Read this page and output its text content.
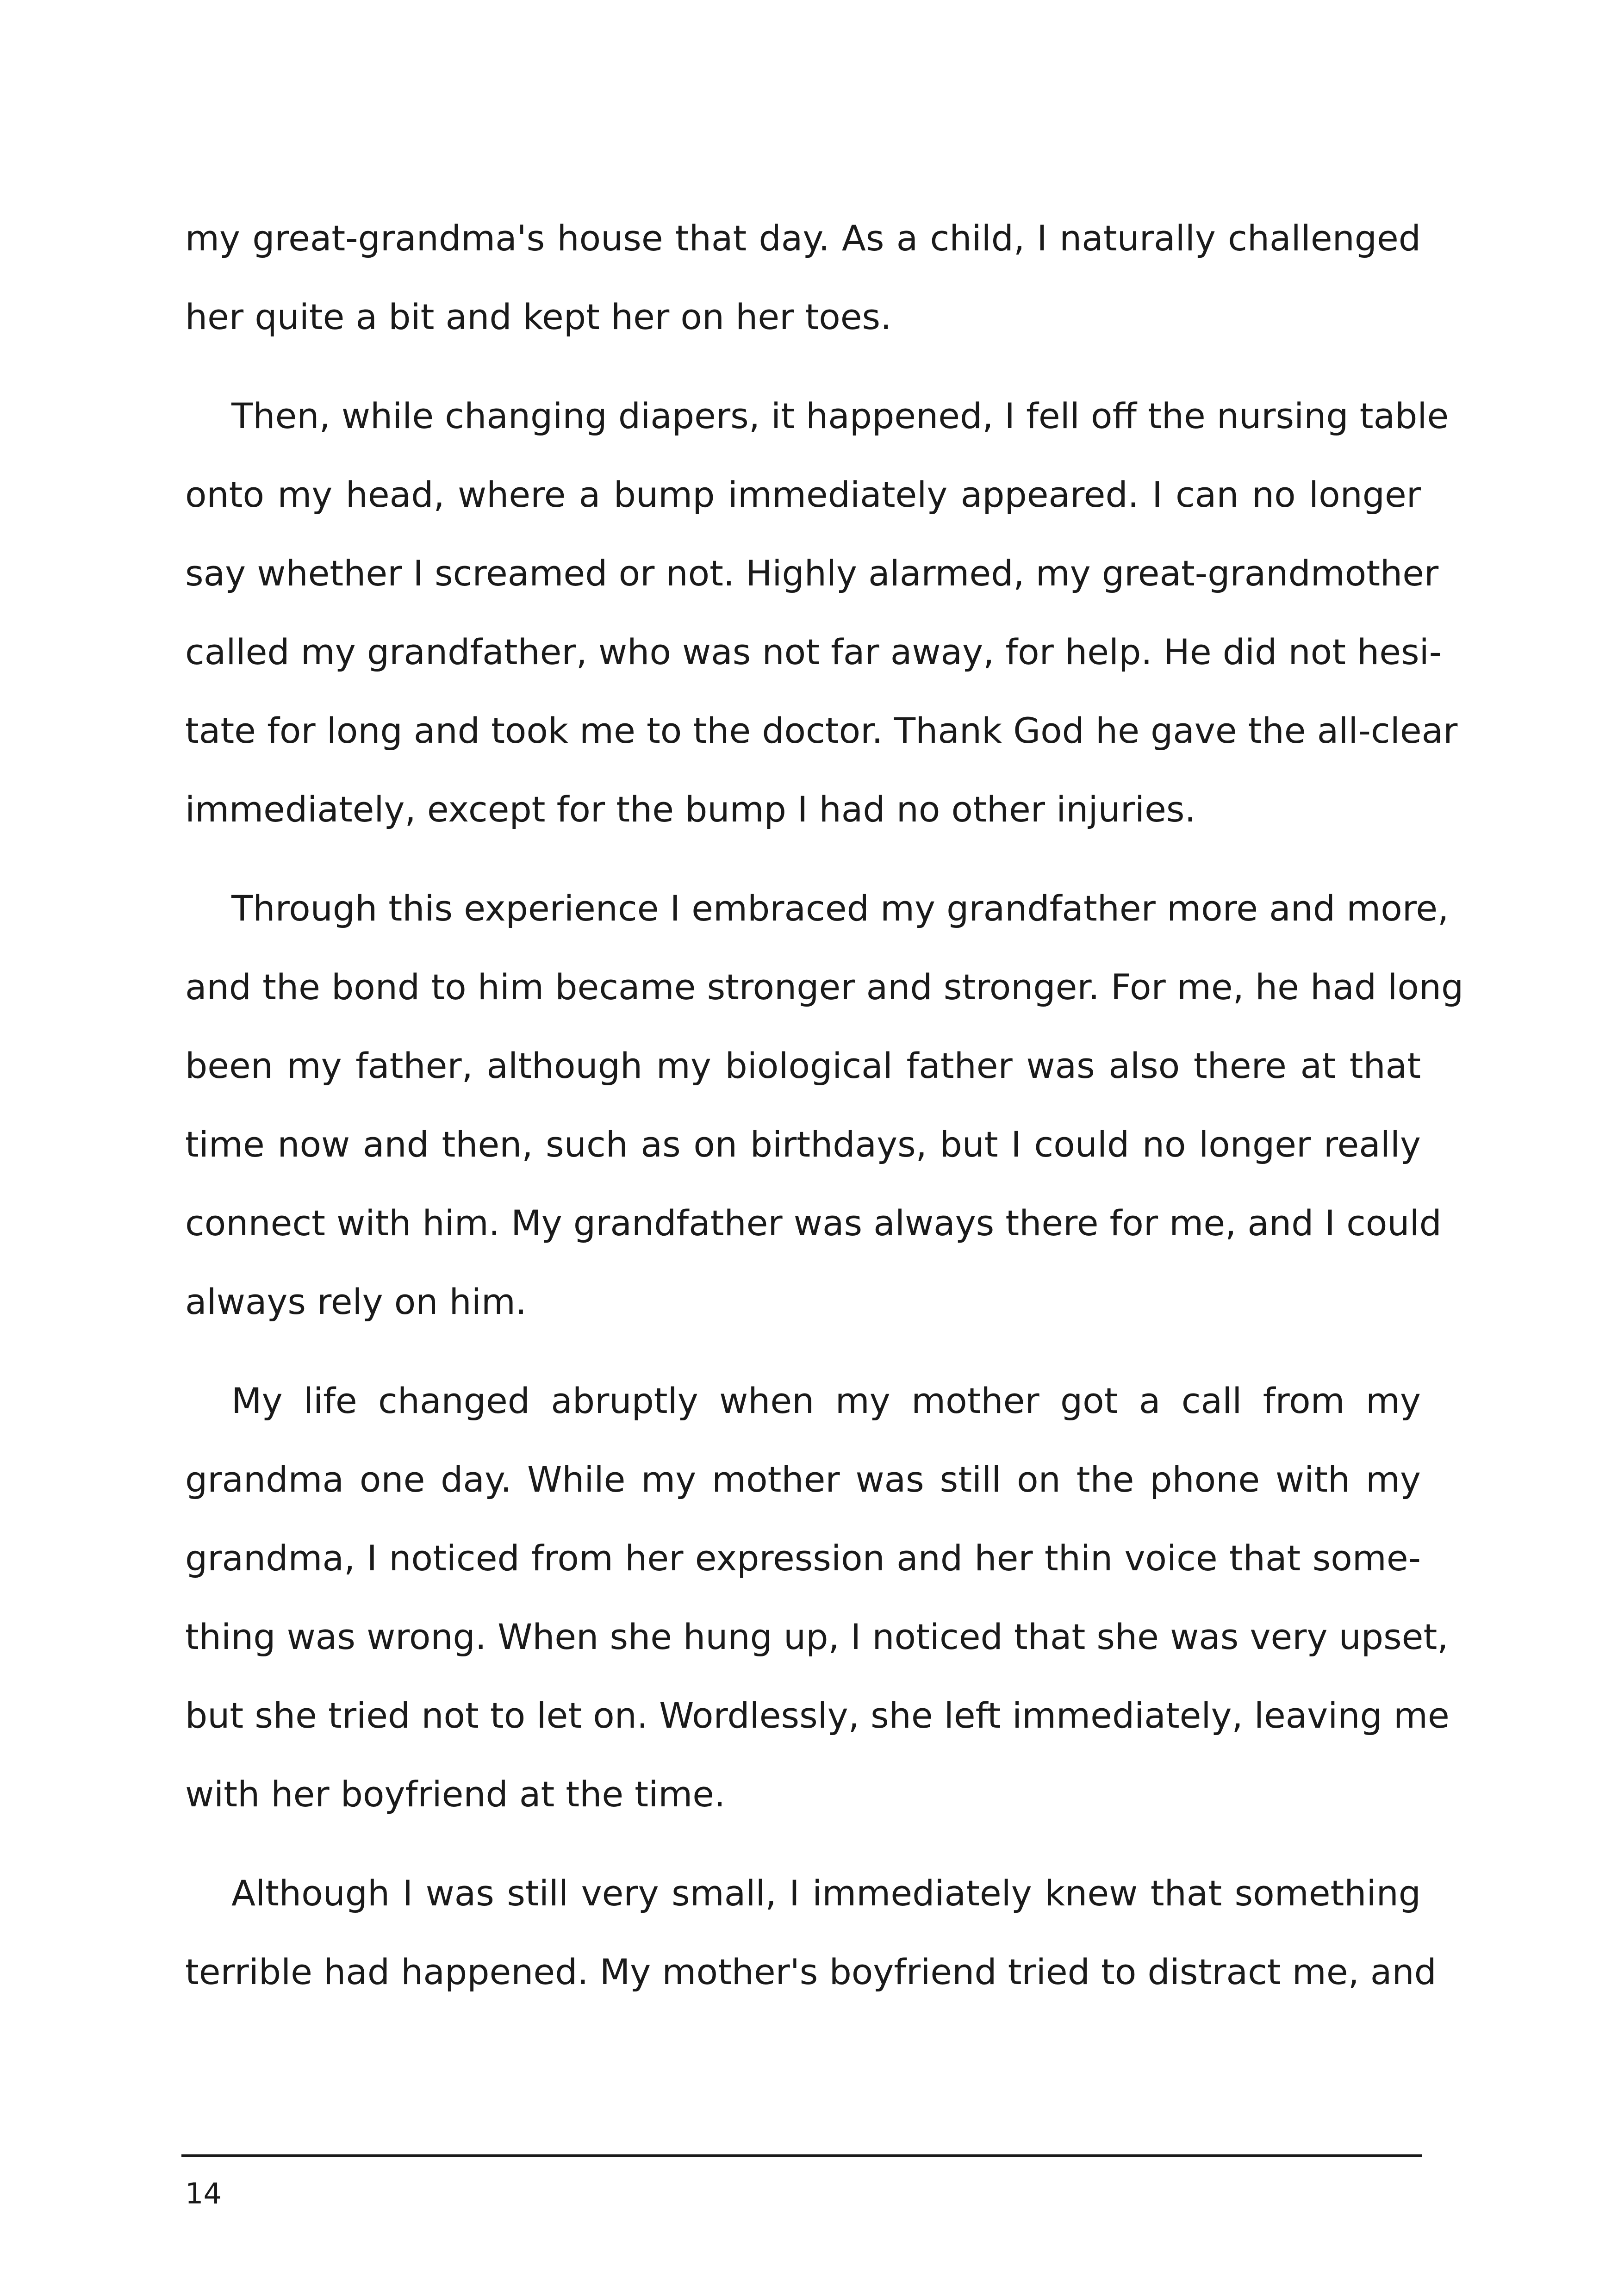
my great-grandma's house that day. As a child, I naturally challenged
her quite a bit and kept her on her toes.
Then, while changing diapers, it happened, I fell off the nursing table
onto my head, where a bump immediately appeared. I can no longer
say whether I screamed or not. Highly alarmed, my great-grandmother
called my grandfather, who was not far away, for help. He did not hesi-
tate for long and took me to the doctor. Thank God he gave the all-clear
immediately, except for the bump I had no other injuries.
Through this experience I embraced my grandfather more and more,
and the bond to him became stronger and stronger. For me, he had long
been my father, although my biological father was also there at that
time now and then, such as on birthdays, but I could no longer really
connect with him. My grandfather was always there for me, and I could
always rely on him.
My life changed abruptly when my mother got a call from my
grandma one day. While my mother was still on the phone with my
grandma, I noticed from her expression and her thin voice that some-
thing was wrong. When she hung up, I noticed that she was very upset,
but she tried not to let on. Wordlessly, she left immediately, leaving me
with her boyfriend at the time.
Although I was still very small, I immediately knew that something
terrible had happened. My mother's boyfriend tried to distract me, and
14
